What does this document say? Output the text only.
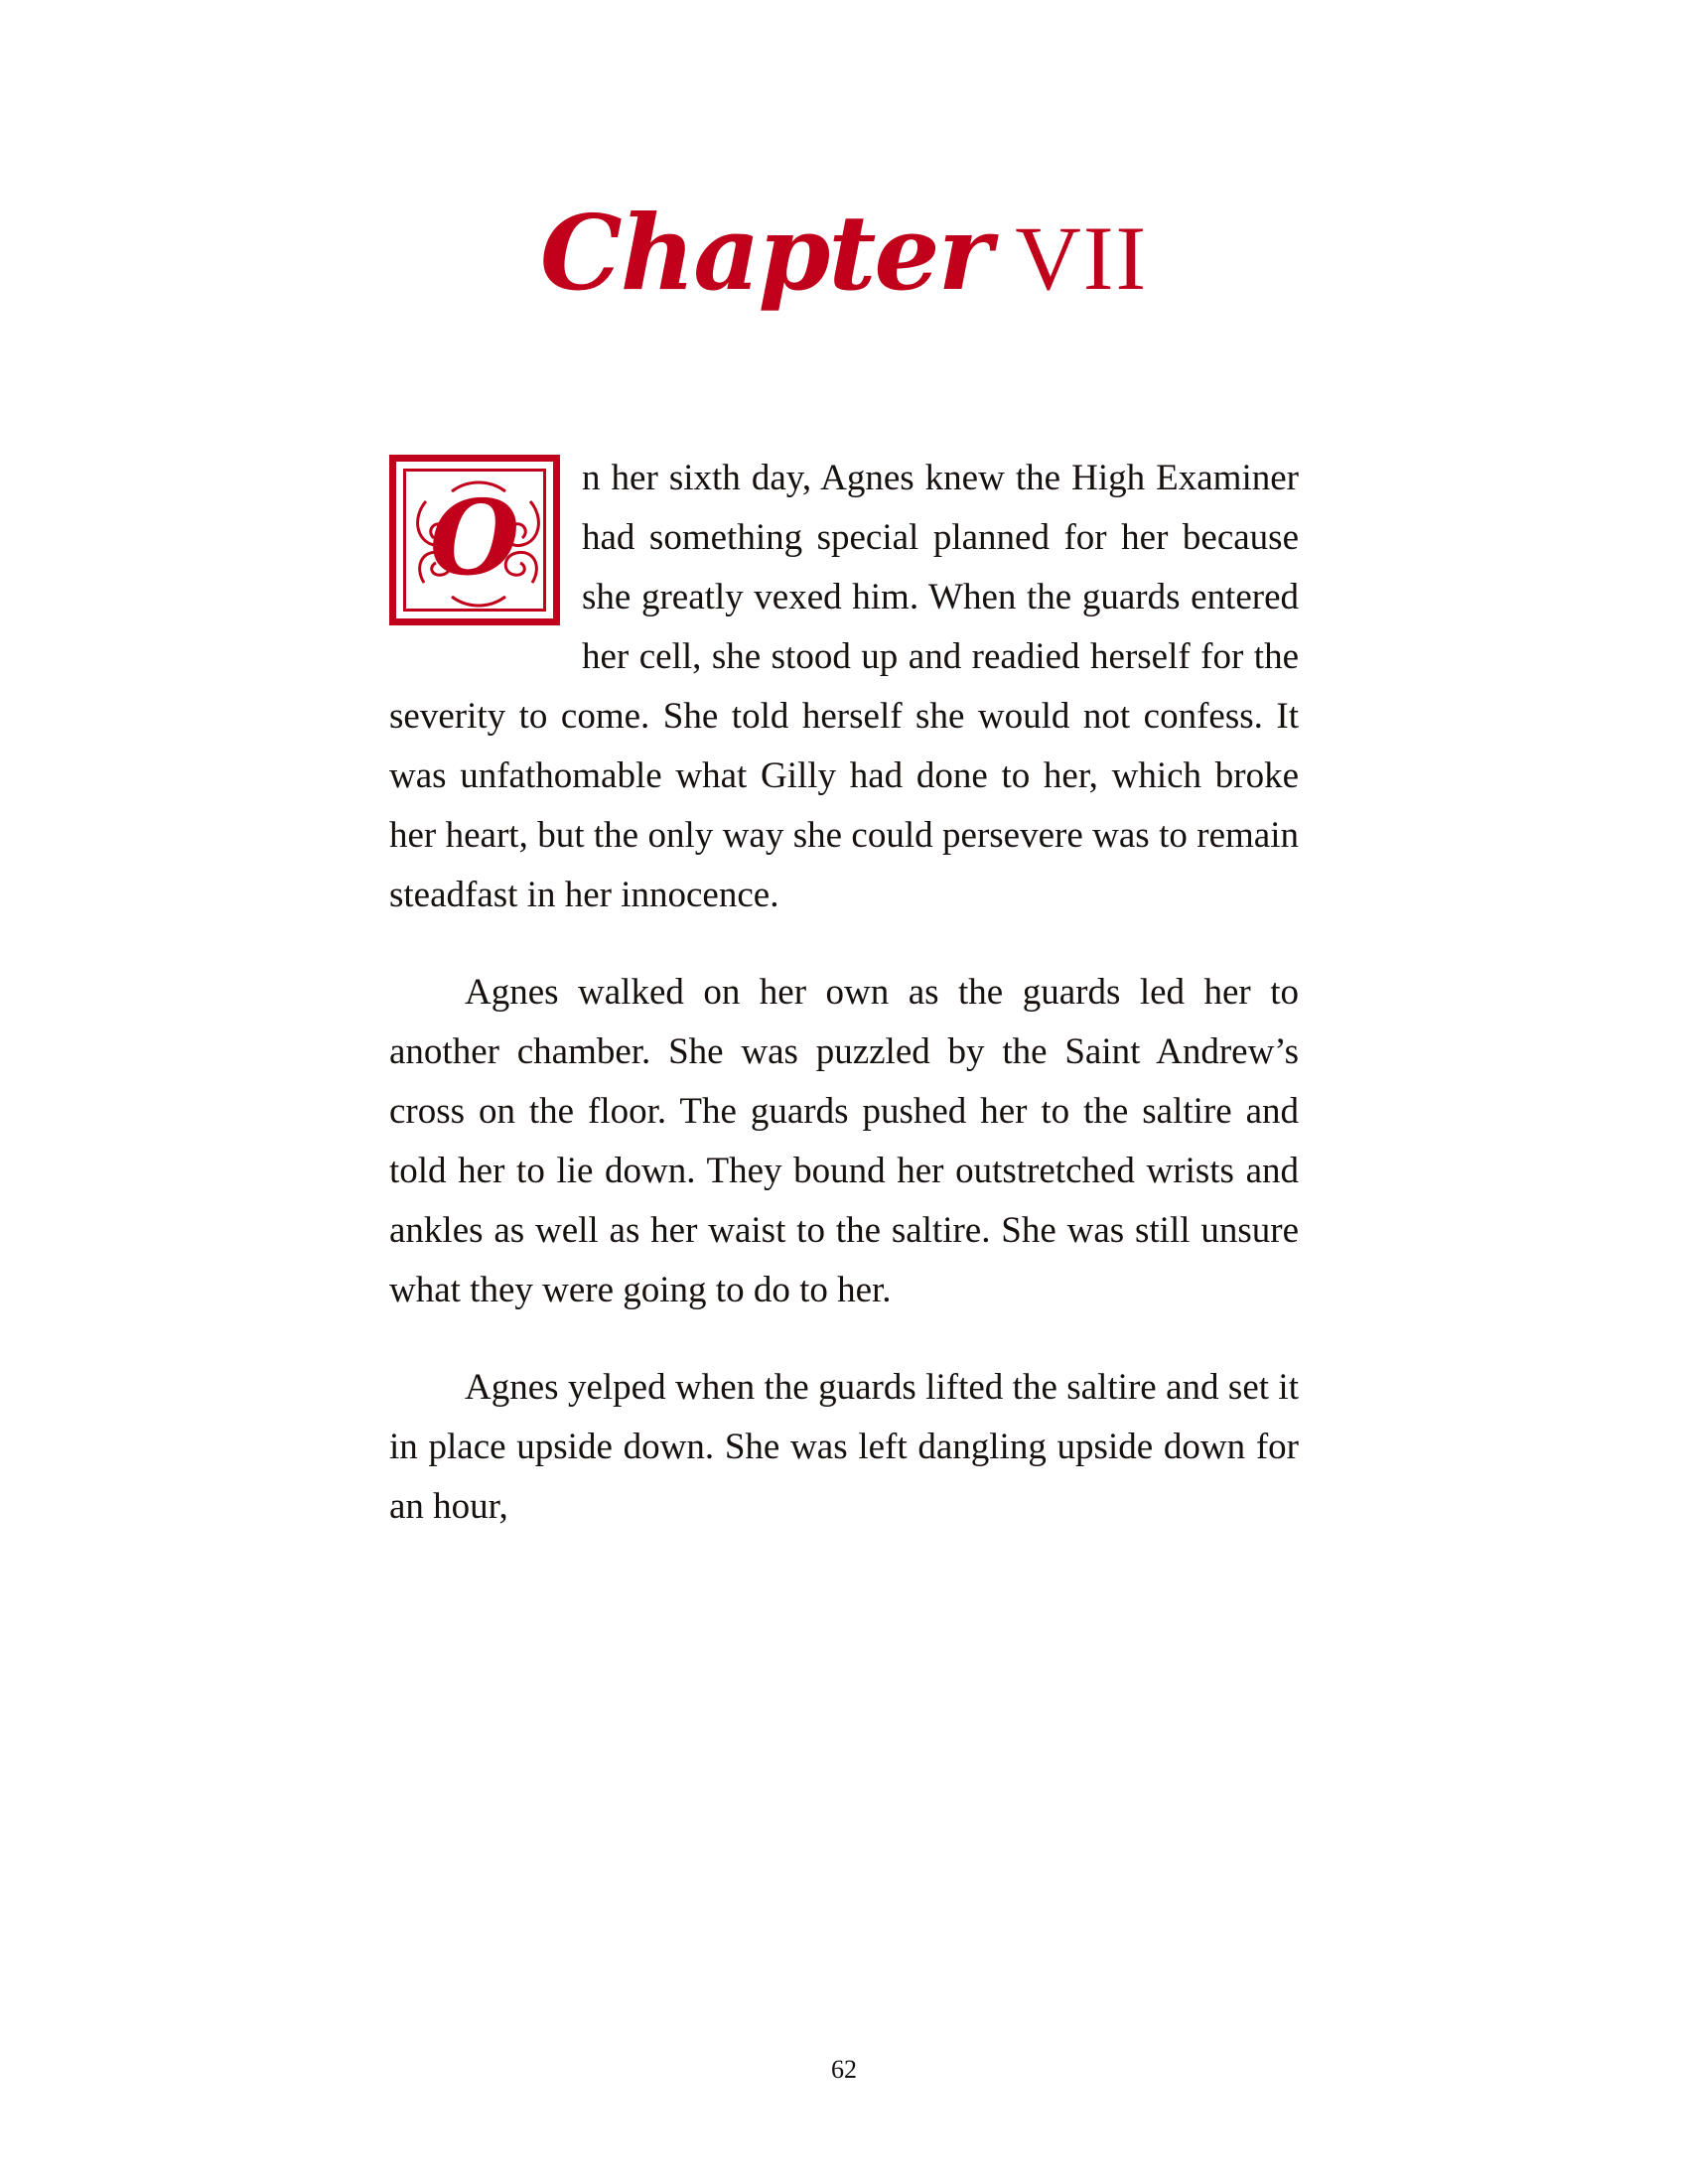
Chapter VII

O	n her sixth day, Agnes knew the High Examiner had something special planned for her because she greatly vexed him. When the guards entered her cell, she stood up and readied herself for the severity to come. She told herself she would not confess. It was unfathomable what Gilly had done to her, which broke her heart, but the only way she could persevere was to remain steadfast in her innocence.

Agnes walked on her own as the guards led her to another chamber. She was puzzled by the Saint Andrew’s cross on the floor. The guards pushed her to the saltire and told her to lie down. They bound her outstretched wrists and ankles as well as her waist to the saltire. She was still unsure what they were going to do to her.

Agnes yelped when the guards lifted the saltire and set it in place upside down. She was left dangling upside down for an hour,

62
